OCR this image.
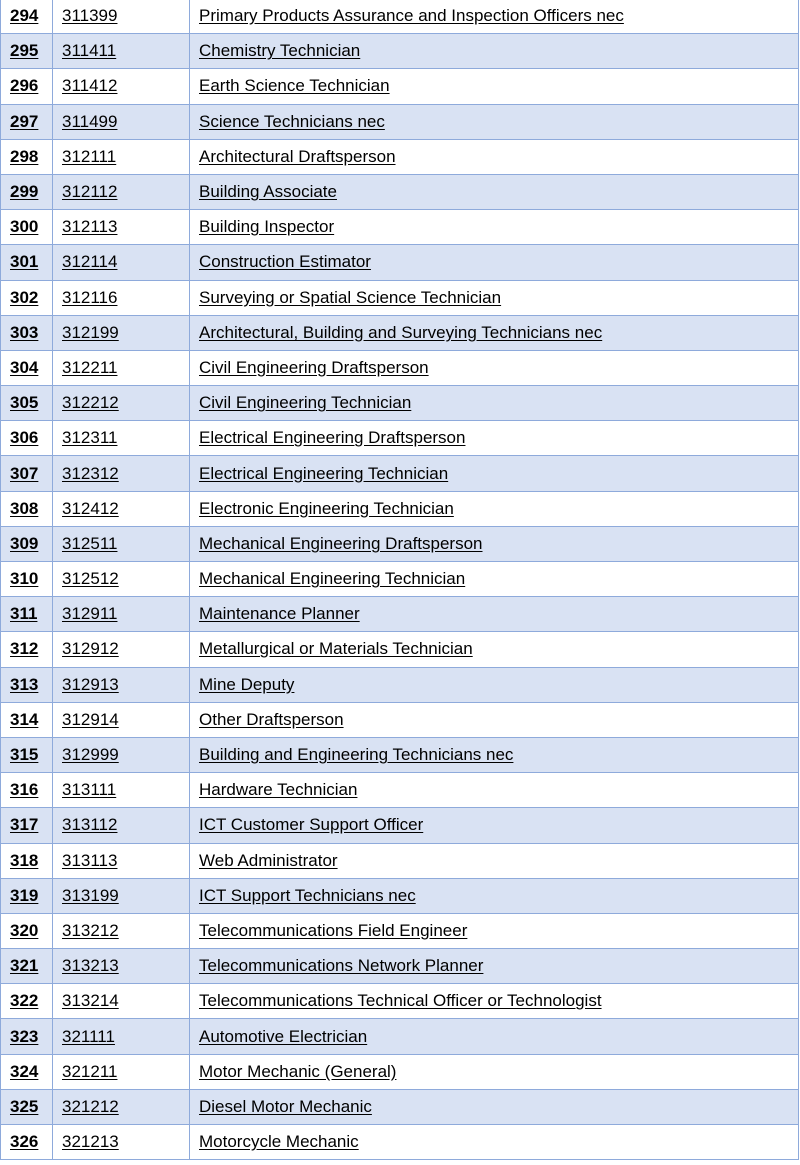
294	311399	Primary Products Assurance and Inspection Officers nec
295	311411	Chemistry Technician
296	311412	Earth Science Technician
297	311499	Science Technicians nec
298	312111	Architectural Draftsperson
299	312112	Building Associate
300	312113	Building Inspector
301	312114	Construction Estimator
302	312116	Surveying or Spatial Science Technician
303	312199	Architectural, Building and Surveying Technicians nec
304	312211	Civil Engineering Draftsperson
305	312212	Civil Engineering Technician
306	312311	Electrical Engineering Draftsperson
307	312312	Electrical Engineering Technician
308	312412	Electronic Engineering Technician
309	312511	Mechanical Engineering Draftsperson
310	312512	Mechanical Engineering Technician
311	312911	Maintenance Planner
312	312912	Metallurgical or Materials Technician
313	312913	Mine Deputy
314	312914	Other Draftsperson
315	312999	Building and Engineering Technicians nec
316	313111	Hardware Technician
317	313112	ICT Customer Support Officer
318	313113	Web Administrator
319	313199	ICT Support Technicians nec
320	313212	Telecommunications Field Engineer
321	313213	Telecommunications Network Planner
322	313214	Telecommunications Technical Officer or Technologist
323	321111	Automotive Electrician
324	321211	Motor Mechanic (General)
325	321212	Diesel Motor Mechanic
326	321213	Motorcycle Mechanic
